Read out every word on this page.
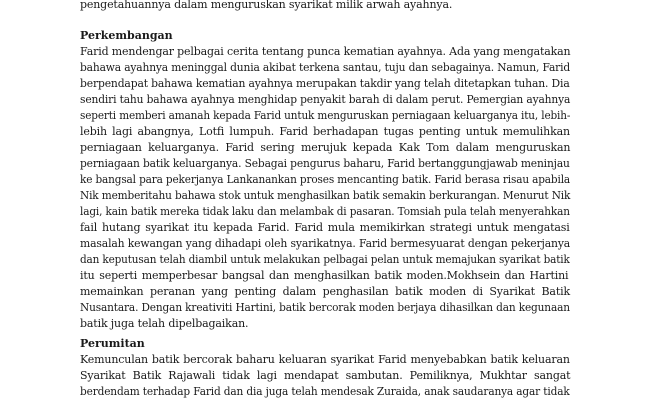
pengetahuannya dalam menguruskan syarikat milik arwah ayahnya.
Perkembangan
Farid mendengar pelbagai cerita tentang punca kematian ayahnya. Ada yang mengatakan
bahawa ayahnya meninggal dunia akibat terkena santau, tuju dan sebagainya. Namun, Farid
berpendapat bahawa kematian ayahnya merupakan takdir yang telah ditetapkan tuhan. Dia
sendiri tahu bahawa ayahnya menghidap penyakit barah di dalam perut. Pemergian ayahnya
seperti memberi amanah kepada Farid untuk menguruskan perniagaan keluarganya itu, lebih-
lebih lagi abangnya, Lotfi lumpuh. Farid berhadapan tugas penting untuk memulihkan
perniagaan keluarganya. Farid sering merujuk kepada Kak Tom dalam menguruskan
perniagaan batik keluarganya. Sebagai pengurus baharu, Farid bertanggungjawab meninjau
ke bangsal para pekerjanya Lankanankan proses mencanting batik. Farid berasa risau apabila
Nik memberitahu bahawa stok untuk menghasilkan batik semakin berkurangan. Menurut Nik
lagi, kain batik mereka tidak laku dan melambak di pasaran. Tomsiah pula telah menyerahkan
fail hutang syarikat itu kepada Farid. Farid mula memikirkan strategi untuk mengatasi
masalah kewangan yang dihadapi oleh syarikatnya. Farid bermesyuarat dengan pekerjanya
dan keputusan telah diambil untuk melakukan pelbagai pelan untuk memajukan syarikat batik
itu seperti memperbesar bangsal dan menghasilkan batik moden.Mokhsein dan Hartini
memainkan peranan yang penting dalam penghasilan batik moden di Syarikat Batik
Nusantara. Dengan kreativiti Hartini, batik bercorak moden berjaya dihasilkan dan kegunaan
batik juga telah dipelbagaikan.
Perumitan
Kemunculan batik bercorak baharu keluaran syarikat Farid menyebabkan batik keluaran
Syarikat Batik Rajawali tidak lagi mendapat sambutan. Pemiliknya, Mukhtar sangat
berdendam terhadap Farid dan dia juga telah mendesak Zuraida, anak saudaranya agar tidak
